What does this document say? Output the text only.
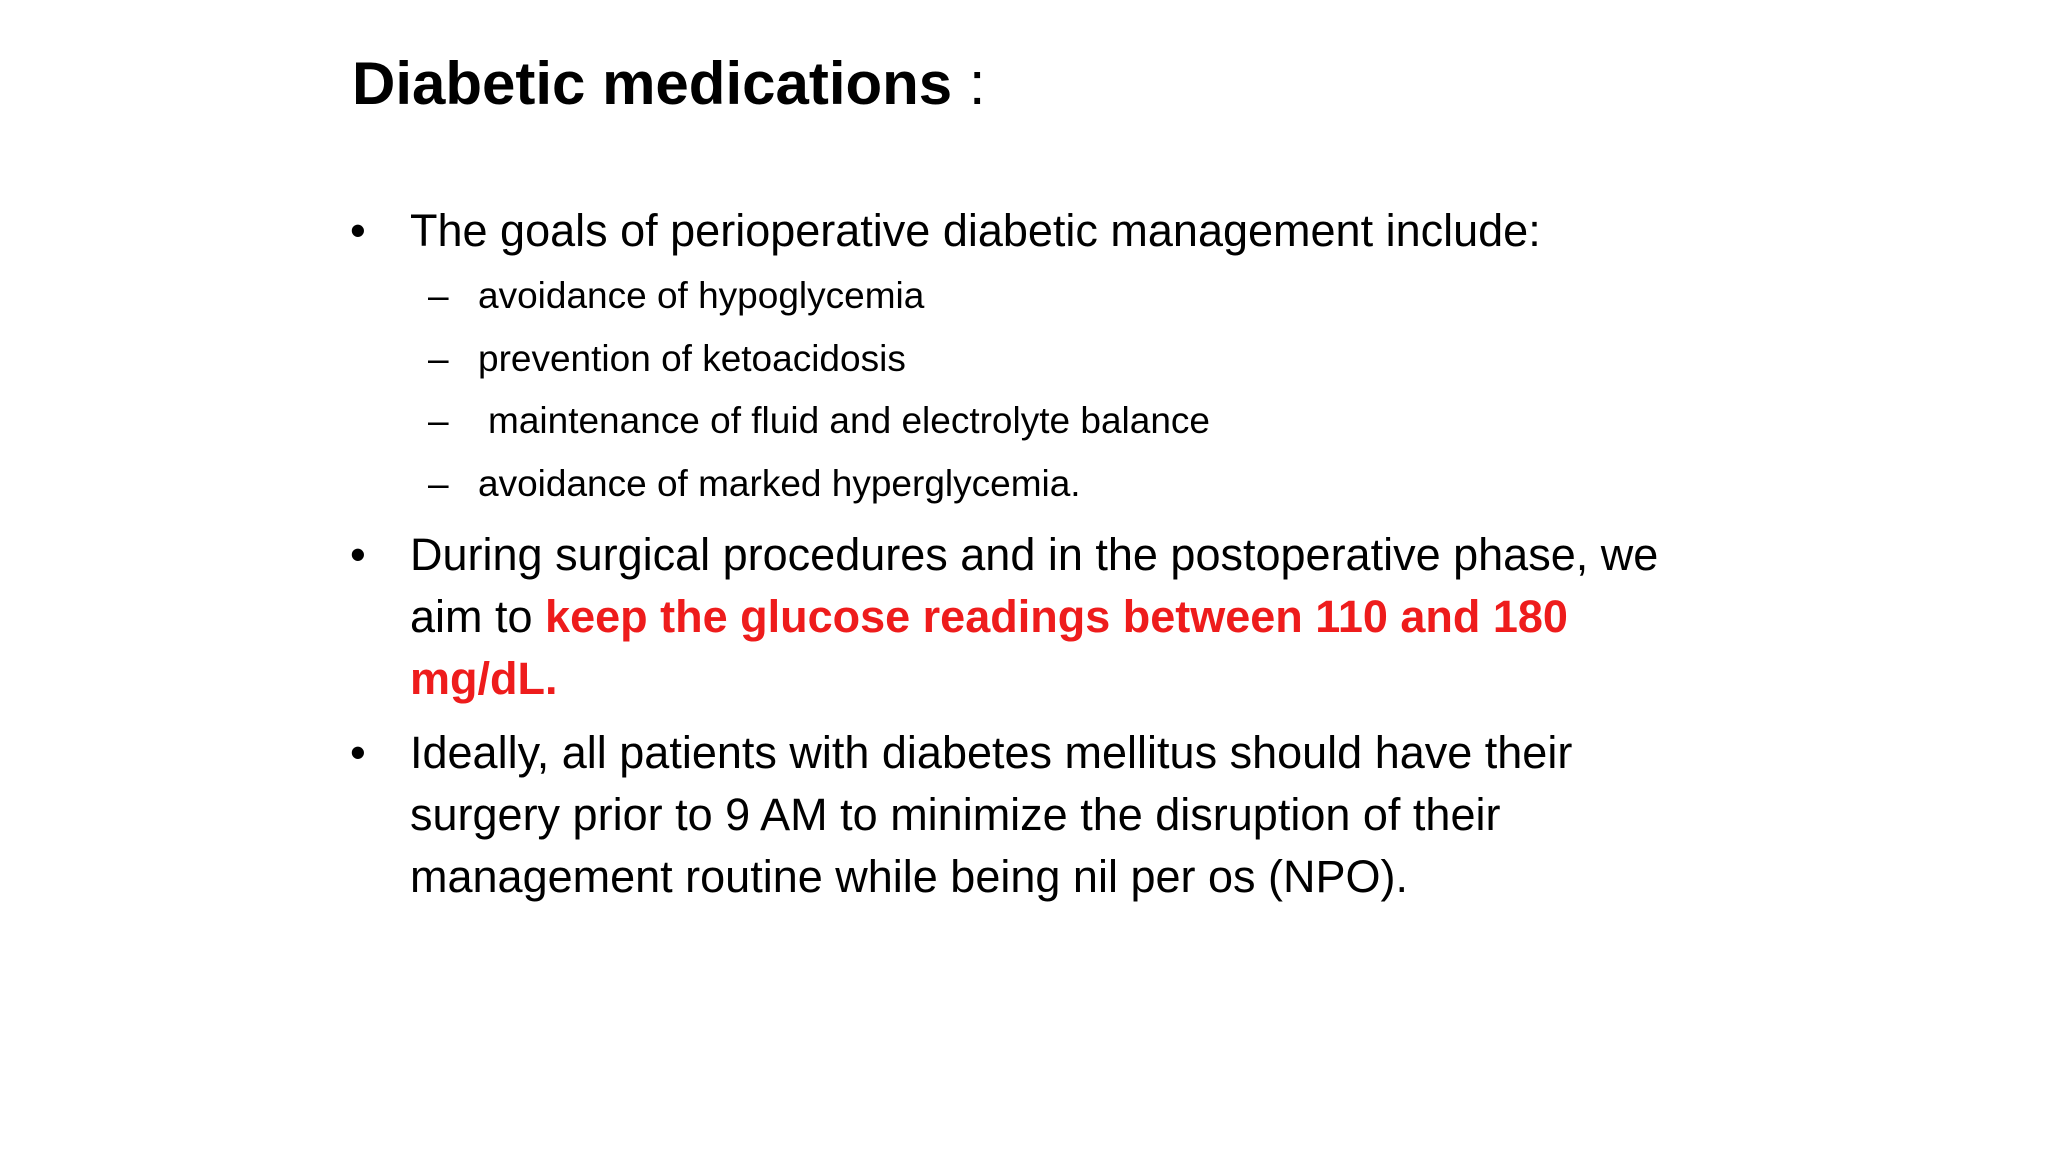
Diabetic medications :
• The goals of perioperative diabetic management include:
– avoidance of hypoglycemia
– prevention of ketoacidosis
– maintenance of fluid and electrolyte balance
– avoidance of marked hyperglycemia.
• During surgical procedures and in the postoperative phase, we aim to keep the glucose readings between 110 and 180 mg/dL.
• Ideally, all patients with diabetes mellitus should have their surgery prior to 9 AM to minimize the disruption of their management routine while being nil per os (NPO).
